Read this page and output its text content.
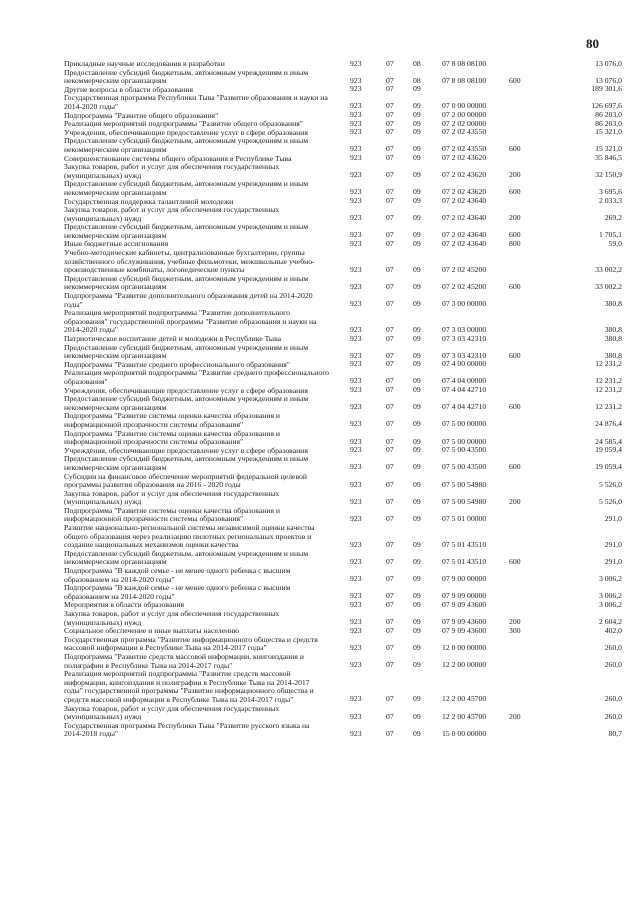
80
Прикладные научные исследования в разработки	923	07	08	07 8 08 08100	13 076,0
Предоставление субсидий бюджетным, автономным учреждениям и иным некоммерческим организациям	923	07	08	07 8 08 08100	600	13 076,0
Другие вопросы в области образования	923	07	09	189 301,6
Государственная программа Республики Тыва "Развитие образования и науки на 2014-2020 годы"	923	07	09	07 0 00 00000	126 697,6
Подпрограмма "Развитие общего образования"	923	07	09	07 2 00 00000	86 203,0
Реализация мероприятий подпрограммы "Развитие общего образования"	923	07	09	07 2 02 00000	86 203,0
Учреждения, обеспечивающие предоставление услуг в сфере образования	923	07	09	07 2 02 43550	15 321,0
Предоставление субсидий бюджетным, автономным учреждениям и иным некоммерческим организациям	923	07	09	07 2 02 43550	600	15 321,0
Совершенствование системы общего образования в Республике Тыва	923	07	09	07 2 02 43620	35 846,5
Закупка товаров, работ и услуг для обеспечения государственных (муниципальных) нужд	923	07	09	07 2 02 43620	200	32 150,9
Предоставление субсидий бюджетным, автономным учреждениям и иным некоммерческим организациям	923	07	09	07 2 02 43620	600	3 695,6
Государственная поддержка талантливой молодежи	923	07	09	07 2 02 43640	2 033,3
Закупка товаров, работ и услуг для обеспечения государственных (муниципальных) нужд	923	07	09	07 2 02 43640	200	269,2
Предоставление субсидий бюджетным, автономным учреждениям и иным некоммерческим организациям	923	07	09	07 2 02 43640	600	1 705,1
Иные бюджетные ассигнования	923	07	09	07 2 02 43640	800	59,0
Учебно-методические кабинеты, централизованные бухгалтерии, группы хозяйственного обслуживания, учебные фильмотеки, межшкольные учебно-производственные комбинаты, логопедические пункты	923	07	09	07 2 02 45200	33 002,2
Предоставление субсидий бюджетным, автономным учреждениям и иным некоммерческим организациям	923	07	09	07 2 02 45200	600	33 002,2
Подпрограмма "Развитие дополнительного образования детей на 2014-2020 годы"	923	07	09	07 3 00 00000	380,8
Реализация мероприятий подпрограммы "Развитие дополнительного образования" государственной программы "Развитие образования и науки на 2014-2020 годы"	923	07	09	07 3 03 00000	380,8
Патриотическое воспитание детей и молодежи в Республике Тыва	923	07	09	07 3 03 42310	380,8
Предоставление субсидий бюджетным, автономным учреждениям и иным некоммерческим организациям	923	07	09	07 3 03 42310	600	380,8
Подпрограмма "Развитие среднего профессионального образования"	923	07	09	07 4 00 00000	12 231,2
Реализация мероприятий подпрограммы "Развитие среднего профессионального образования"	923	07	09	07 4 04 00000	12 231,2
Учреждения, обеспечивающие предоставление услуг в сфере образования	923	07	09	07 4 04 42710	12 231,2
Предоставление субсидий бюджетным, автономным учреждениям и иным некоммерческим организациям	923	07	09	07 4 04 42710	600	12 231,2
Подпрограмма "Развитие системы оценки качества образования и информационной прозрачности системы образования"	923	07	09	07 5 00 00000	24 876,4
Подпрограмма "Развитие системы оценки качества образования и информационной прозрачности системы образования"	923	07	09	07 5 00 00000	24 585,4
Учреждения, обеспечивающие предоставление услуг в сфере образования	923	07	09	07 5 00 43500	19 059,4
Предоставление субсидий бюджетным, автономным учреждениям и иным некоммерческим организациям	923	07	09	07 5 00 43500	600	19 059,4
Субсидии на финансовое обеспечение мероприятий федеральной целевой программы развития образования на 2016 - 2020 годы	923	07	09	07 5 00 54980	5 526,0
Закупка товаров, работ и услуг для обеспечения государственных (муниципальных) нужд	923	07	09	07 5 00 54980	200	5 526,0
Подпрограмма "Развитие системы оценки качества образования и информационной прозрачности системы образования"	923	07	09	07 5 01 00000	291,0
Развитие национально-региональной системы независимой оценки качества общего образования через реализацию пилотных региональных проектов и создание национальных механизмов оценки качества	923	07	09	07 5 01 43510	291,0
Предоставление субсидий бюджетным, автономным учреждениям и иным некоммерческим организациям	923	07	09	07 5 01 43510	600	291,0
Подпрограмма "В каждой семье - не менее одного ребенка с высшим образованием на 2014-2020 годы"	923	07	09	07 9 00 00000	3 006,2
Подпрограмма "В каждой семье - не менее одного ребенка с высшим образованием на 2014-2020 годы"	923	07	09	07 9 09 00000	3 006,2
Мероприятия в области образования	923	07	09	07 9 09 43600	3 006,2
Закупка товаров, работ и услуг для обеспечения государственных (муниципальных) нужд	923	07	09	07 9 09 43600	200	2 604,2
Социальное обеспечение и иные выплаты населению	923	07	09	07 9 09 43600	300	402,0
Государственная программа "Развитие информационного общества и средств массовой информации в Республике Тыва на 2014-2017 годы"	923	07	09	12 0 00 00000	260,0
Подпрограмма "Развитие средств массовой информации, книгоиздания и полиграфии в Республике Тыва на 2014-2017 годы"	923	07	09	12 2 00 00000	260,0
Реализация мероприятий подпрограммы "Развитие средств массовой информации, книгоиздания и полиграфии в Республике Тыва на 2014-2017 годы" государственной программы "Развитие информационного общества и средств массовой информации в Республике Тыва на 2014-2017 годы"	923	07	09	12 2 00 45700	260,0
Закупка товаров, работ и услуг для обеспечения государственных (муниципальных) нужд	923	07	09	12 2 00 45700	200	260,0
Государственная программа Республики Тыва "Развитие русского языка на 2014-2018 годы"	923	07	09	15 0 00 00000	80,7
